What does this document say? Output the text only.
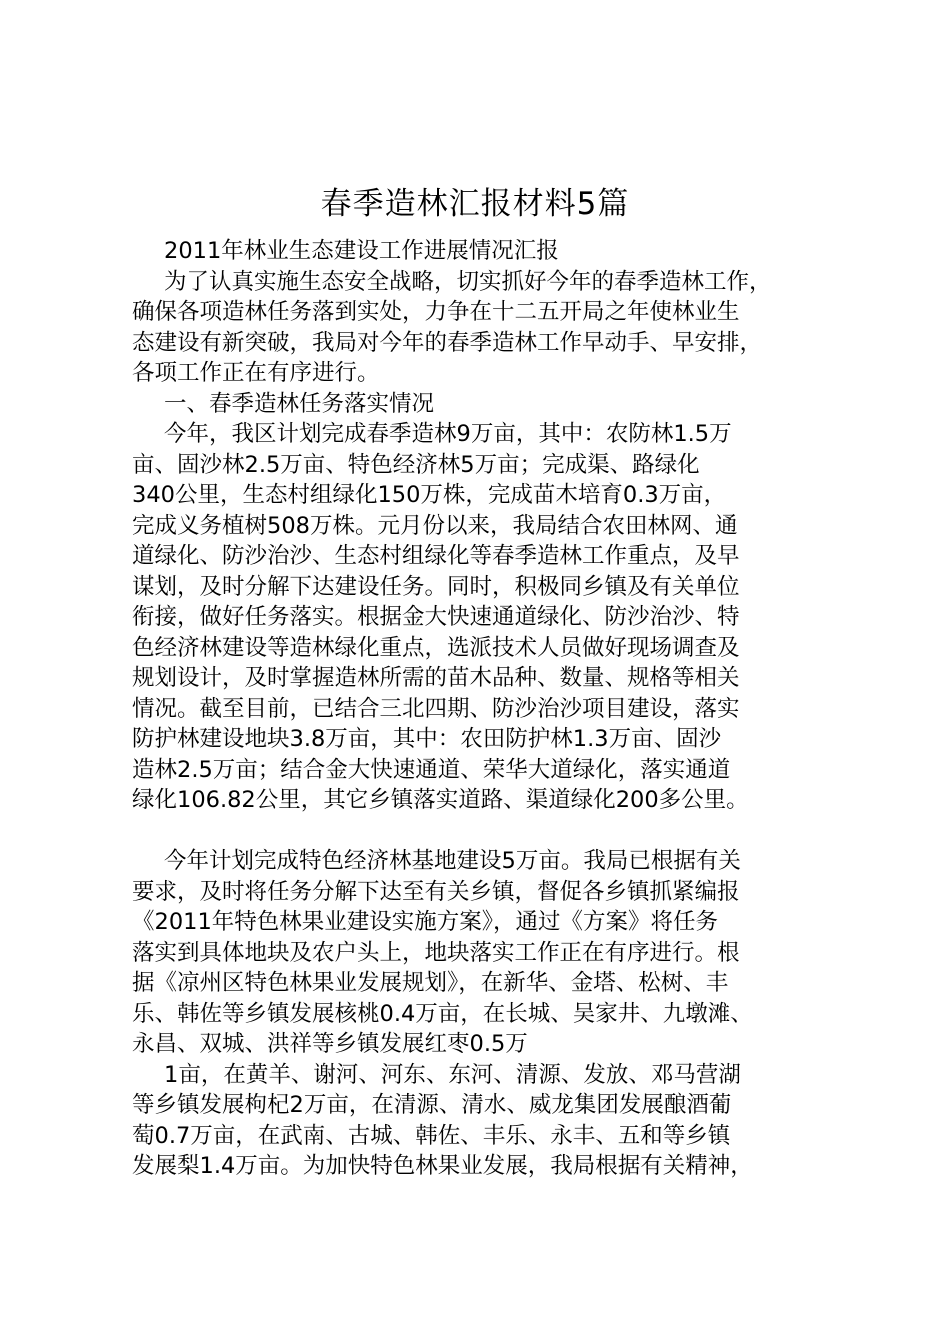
春季造林汇报材料5篇
2011年林业生态建设工作进展情况汇报
为了认真实施生态安全战略，切实抓好今年的春季造林工作，
确保各项造林任务落到实处，力争在十二五开局之年使林业生
态建设有新突破，我局对今年的春季造林工作早动手、早安排，
各项工作正在有序进行。
一、春季造林任务落实情况
今年，我区计划完成春季造林9万亩，其中：农防林1.5万
亩、固沙林2.5万亩、特色经济林5万亩；完成渠、路绿化
340公里，生态村组绿化150万株，完成苗木培育0.3万亩，
完成义务植树508万株。元月份以来，我局结合农田林网、通
道绿化、防沙治沙、生态村组绿化等春季造林工作重点，及早
谋划，及时分解下达建设任务。同时，积极同乡镇及有关单位
衔接，做好任务落实。根据金大快速通道绿化、防沙治沙、特
色经济林建设等造林绿化重点，选派技术人员做好现场调查及
规划设计，及时掌握造林所需的苗木品种、数量、规格等相关
情况。截至目前，已结合三北四期、防沙治沙项目建设，落实
防护林建设地块3.8万亩，其中：农田防护林1.3万亩、固沙
造林2.5万亩；结合金大快速通道、荣华大道绿化，落实通道
绿化106.82公里，其它乡镇落实道路、渠道绿化200多公里。
今年计划完成特色经济林基地建设5万亩。我局已根据有关
要求，及时将任务分解下达至有关乡镇，督促各乡镇抓紧编报
《2011年特色林果业建设实施方案》，通过《方案》将任务
落实到具体地块及农户头上，地块落实工作正在有序进行。根
据《凉州区特色林果业发展规划》，在新华、金塔、松树、丰
乐、韩佐等乡镇发展核桃0.4万亩，在长城、吴家井、九墩滩、
永昌、双城、洪祥等乡镇发展红枣0.5万
1亩，在黄羊、谢河、河东、东河、清源、发放、邓马营湖
等乡镇发展枸杞2万亩，在清源、清水、威龙集团发展酿酒葡
萄0.7万亩，在武南、古城、韩佐、丰乐、永丰、五和等乡镇
发展梨1.4万亩。为加快特色林果业发展，我局根据有关精神，
